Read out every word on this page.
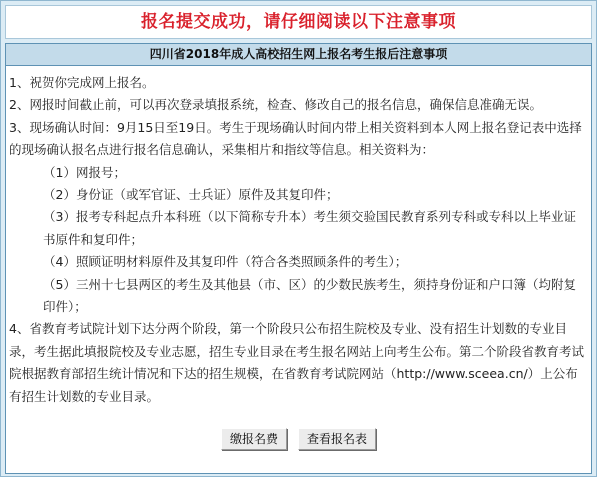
报名提交成功，请仔细阅读以下注意事项
四川省2018年成人高校招生网上报名考生报后注意事项

1、祝贺你完成网上报名。

2、网报时间截止前，可以再次登录填报系统，检查、修改自己的报名信息，确保信息准确无误。

3、现场确认时间：9月15日至19日。考生于现场确认时间内带上相关资料到本人网上报名登记表中选择的现场确认报名点进行报名信息确认，采集相片和指纹等信息。相关资料为：

（1）网报号；

（2）身份证（或军官证、士兵证）原件及其复印件；

（3）报考专科起点升本科班（以下简称专升本）考生须交验国民教育系列专科或专科以上毕业证书原件和复印件；

（4）照顾证明材料原件及其复印件（符合各类照顾条件的考生）；

（5）三州十七县两区的考生及其他县（市、区）的少数民族考生，须持身份证和户口簿（均附复印件）；

4、省教育考试院计划下达分两个阶段，第一个阶段只公布招生院校及专业、没有招生计划数的专业目录，考生据此填报院校及专业志愿，招生专业目录在考生报名网站上向考生公布。第二个阶段省教育考试院根据教育部招生统计情况和下达的招生规模，在省教育考试院网站（http://www.sceea.cn/）上公布有招生计划数的专业目录。

缴报名费 查看报名表
